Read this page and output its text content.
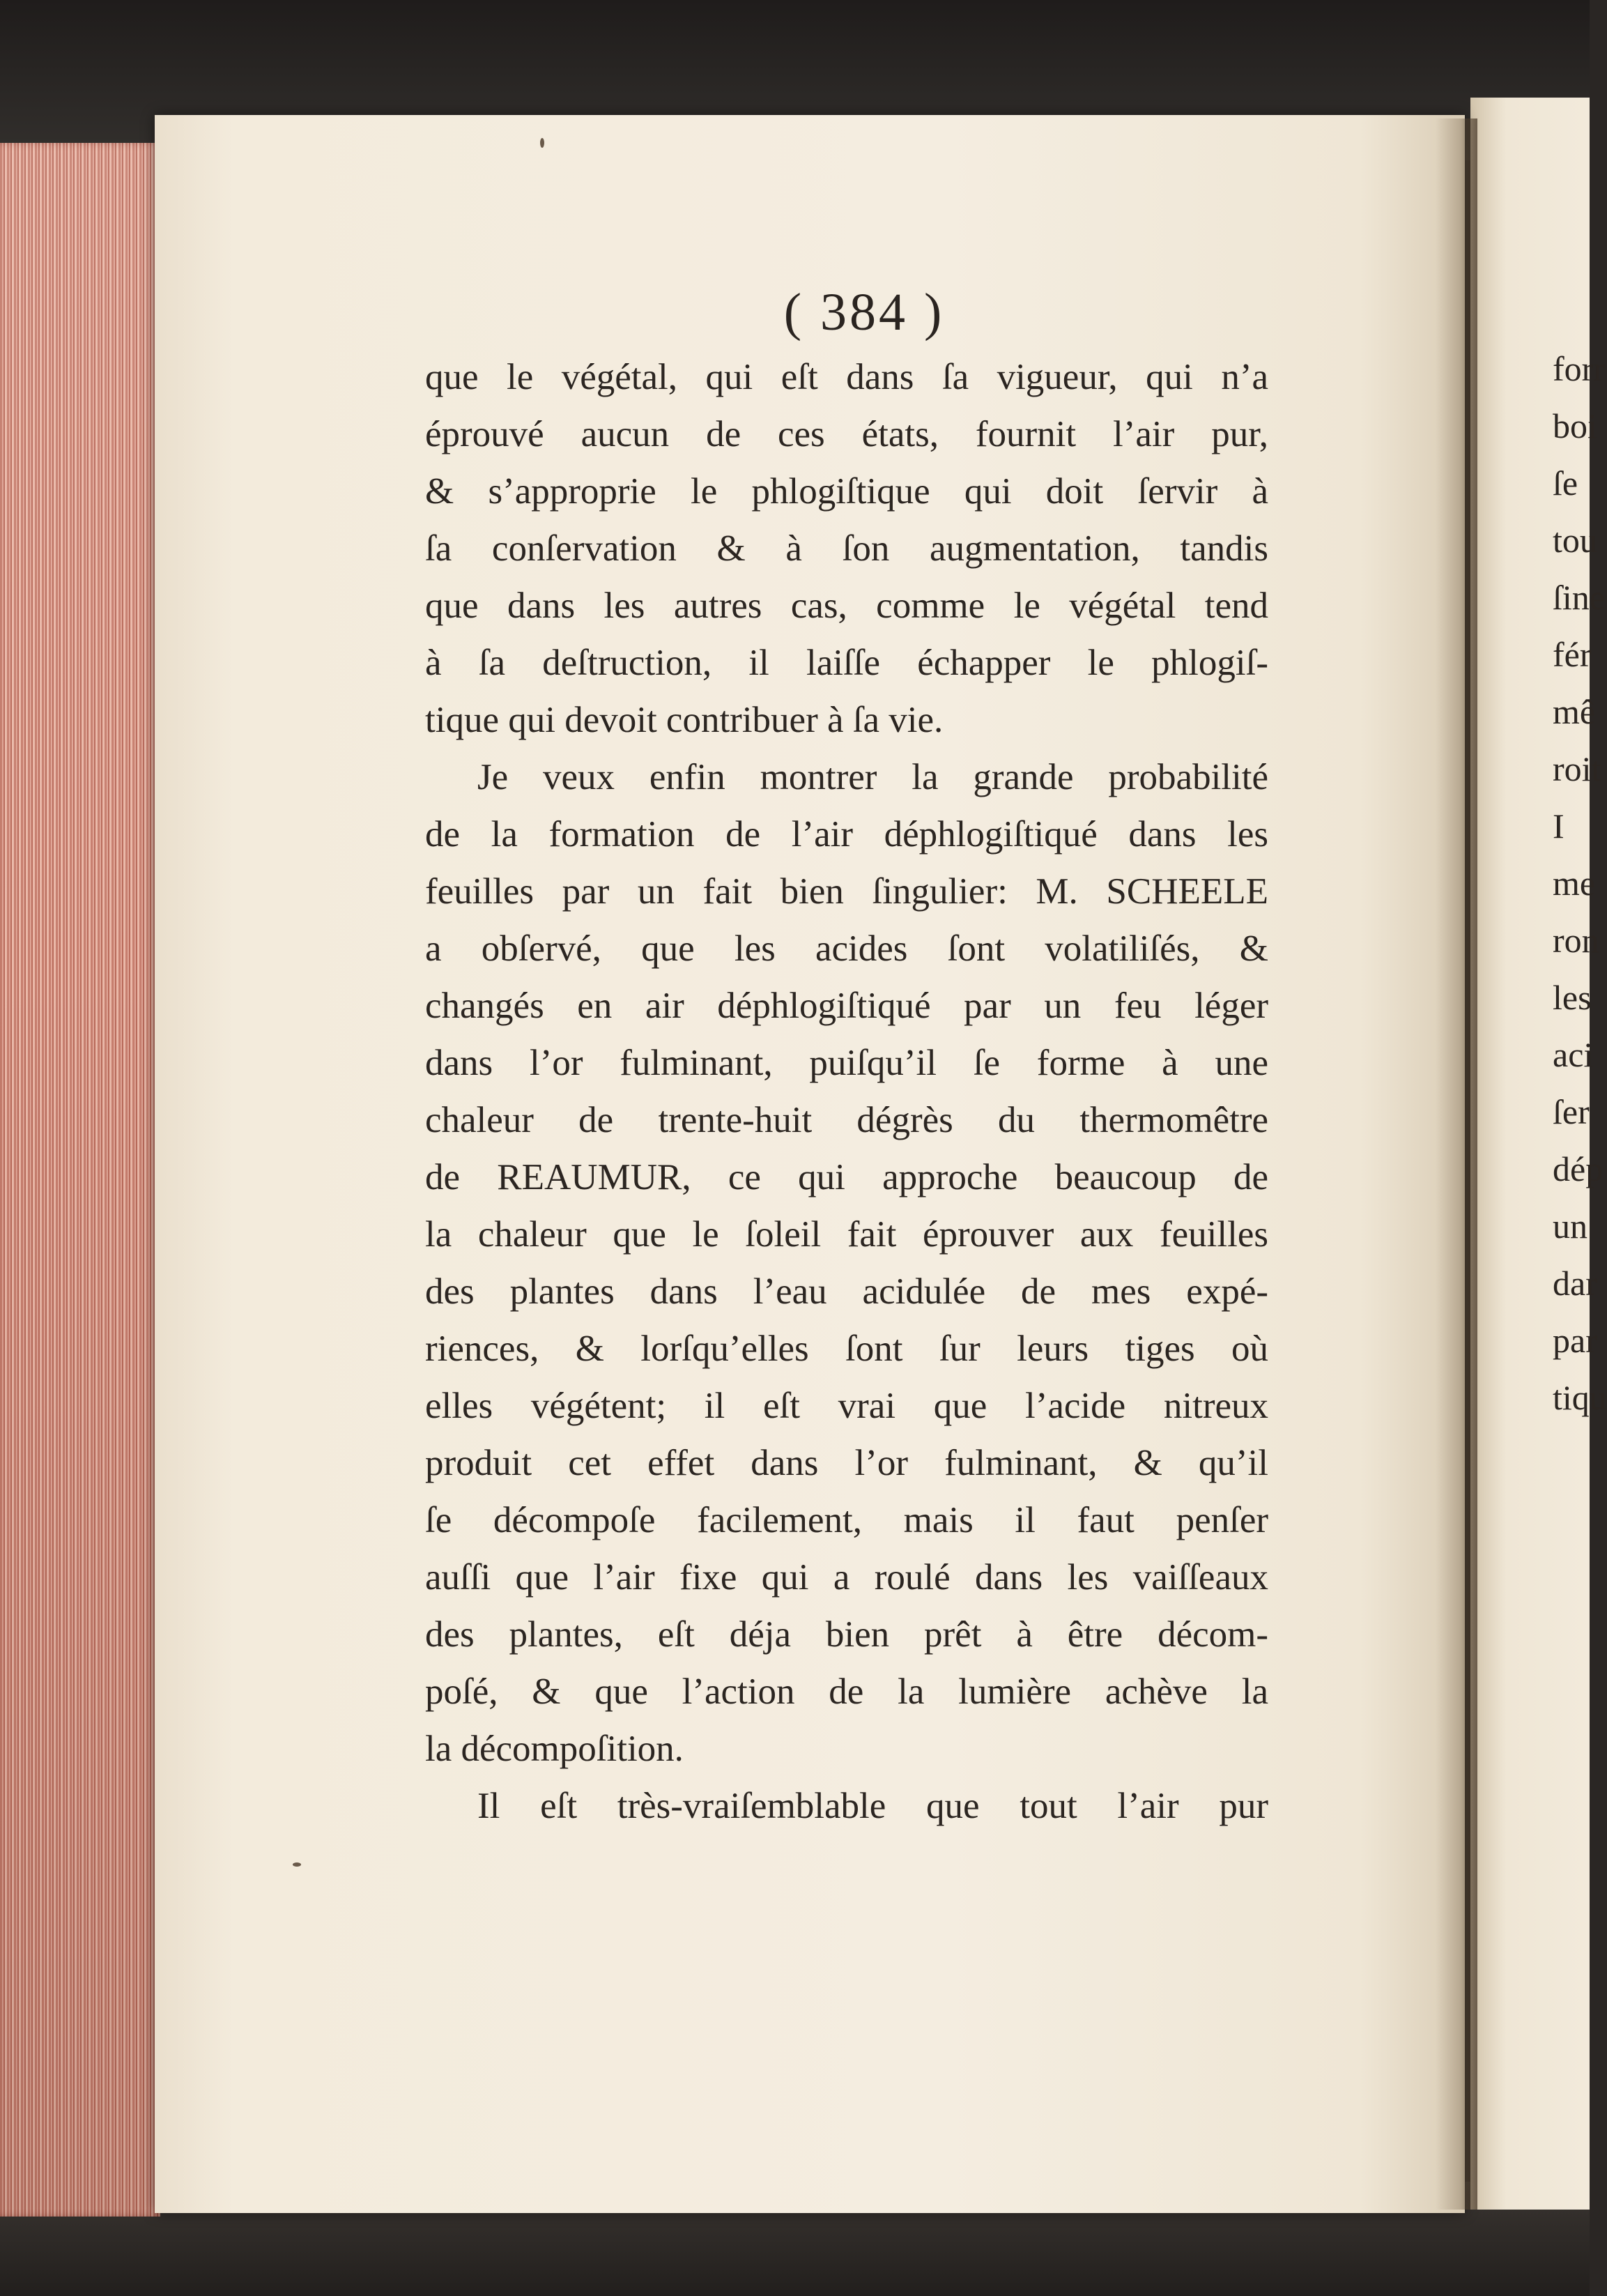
forr
boi
ſe
tou
ſine
fér
mê
roit
I
me
ron
les
aci
ſer
dép
un
dar
par
tiqu
( 384 )
que le végétal, qui eſt dans ſa vigueur, qui n’a
éprouvé aucun de ces états, fournit l’air pur,
& s’approprie le phlogiſtique qui doit ſervir à
ſa conſervation & à ſon augmentation, tandis
que dans les autres cas, comme le végétal tend
à ſa deſtruction, il laiſſe échapper le phlogiſ-
tique qui devoit contribuer à ſa vie.
Je veux enfin montrer la grande probabilité
de la formation de l’air déphlogiſtiqué dans les
feuilles par un fait bien ſingulier: M. SCHEELE
a obſervé, que les acides ſont volatiliſés, &
changés en air déphlogiſtiqué par un feu léger
dans l’or fulminant, puiſqu’il ſe forme à une
chaleur de trente-huit dégrès du thermomêtre
de REAUMUR, ce qui approche beaucoup de
la chaleur que le ſoleil fait éprouver aux feuilles
des plantes dans l’eau acidulée de mes expé-
riences, & lorſqu’elles ſont ſur leurs tiges où
elles végétent; il eſt vrai que l’acide nitreux
produit cet effet dans l’or fulminant, & qu’il
ſe décompoſe facilement, mais il faut penſer
auſſi que l’air fixe qui a roulé dans les vaiſſeaux
des plantes, eſt déja bien prêt à être décom-
poſé, & que l’action de la lumière achève la
la décompoſition.
Il eſt très-vraiſemblable que tout l’air pur
